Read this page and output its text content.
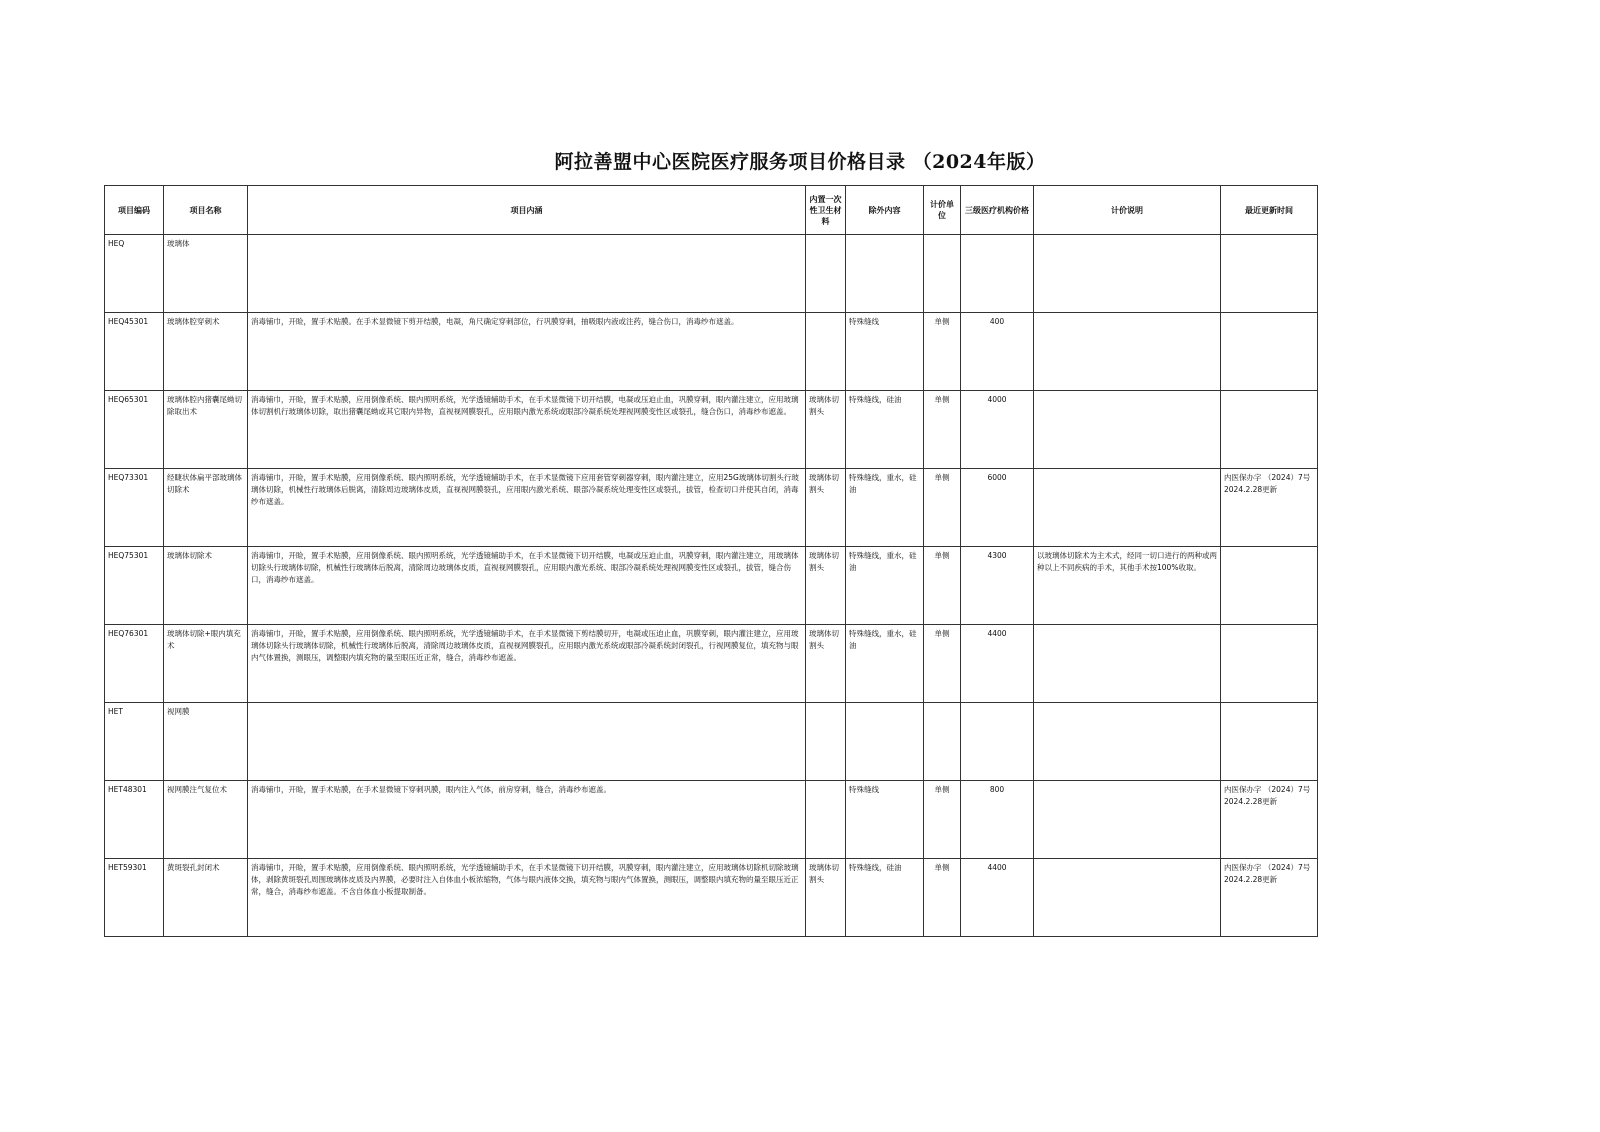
阿拉善盟中心医院医疗服务项目价格目录 （2024年版）
项目编码	项目名称	项目内涵	内置一次性卫生材料	除外内容	计价单位	三级医疗机构价格	计价说明	最近更新时间
HEQ	玻璃体							
HEQ45301	玻璃体腔穿刺术	消毒铺巾，开睑，置手术贴膜。在手术显微镜下剪开结膜，电凝，角尺确定穿刺部位，行巩膜穿刺，抽吸眼内液或注药，缝合伤口，消毒纱布遮盖。		特殊缝线	单侧	400		
HEQ65301	玻璃体腔内猪囊尾蚴切除取出术	消毒铺巾，开睑，置手术贴膜，应用倒像系统、眼内照明系统，光学透镜辅助手术，在手术显微镜下切开结膜，电凝或压迫止血，巩膜穿刺，眼内灌注建立，应用玻璃体切割机行玻璃体切除，取出猪囊尾蚴或其它眼内异物，直视视网膜裂孔，应用眼内激光系统或眼部冷凝系统处理视网膜变性区或裂孔，缝合伤口，消毒纱布遮盖。	玻璃体切割头	特殊缝线，硅油	单侧	4000		
HEQ73301	经睫状体扁平部玻璃体切除术	消毒铺巾，开睑，置手术贴膜，应用倒像系统、眼内照明系统，光学透镜辅助手术，在手术显微镜下应用套管穿刺器穿刺，眼内灌注建立，应用25G玻璃体切割头行玻璃体切除，机械性行玻璃体后脱离，清除周边玻璃体皮质，直视视网膜裂孔，应用眼内激光系统、眼部冷凝系统处理变性区或裂孔，拔管，检查切口并使其自闭，消毒纱布遮盖。	玻璃体切割头	特殊缝线，重水，硅油	单侧	6000		内医保办字 （2024）7号 2024.2.28更新
HEQ75301	玻璃体切除术	消毒铺巾，开睑，置手术贴膜，应用倒像系统、眼内照明系统，光学透镜辅助手术，在手术显微镜下切开结膜，电凝或压迫止血，巩膜穿刺，眼内灌注建立，用玻璃体切除头行玻璃体切除，机械性行玻璃体后脱离，清除周边玻璃体皮质，直视视网膜裂孔，应用眼内激光系统、眼部冷凝系统处理视网膜变性区或裂孔，拔管，缝合伤口，消毒纱布遮盖。	玻璃体切割头	特殊缝线，重水，硅油	单侧	4300	以玻璃体切除术为主术式，经同一切口进行的两种或两种以上不同疾病的手术，其他手术按100%收取。	
HEQ76301	玻璃体切除+眼内填充术	消毒铺巾，开睑，置手术贴膜，应用倒像系统、眼内照明系统，光学透镜辅助手术，在手术显微镜下剪结膜切开，电凝或压迫止血，巩膜穿刺，眼内灌注建立，应用玻璃体切除头行玻璃体切除，机械性行玻璃体后脱离，清除周边玻璃体皮质，直视视网膜裂孔，应用眼内激光系统或眼部冷凝系统封闭裂孔，行视网膜复位，填充物与眼内气体置换，测眼压，调整眼内填充物的量至眼压近正常，缝合，消毒纱布遮盖。	玻璃体切割头	特殊缝线，重水，硅油	单侧	4400		
HET	视网膜							
HET48301	视网膜注气复位术	消毒铺巾，开睑，置手术贴膜，在手术显微镜下穿刺巩膜，眼内注入气体，前房穿刺，缝合，消毒纱布遮盖。		特殊缝线	单侧	800		内医保办字 （2024）7号 2024.2.28更新
HET59301	黄斑裂孔封闭术	消毒铺巾，开睑，置手术贴膜，应用倒像系统、眼内照明系统，光学透镜辅助手术，在手术显微镜下切开结膜，巩膜穿刺，眼内灌注建立，应用玻璃体切除机切除玻璃体，剥除黄斑裂孔周围玻璃体皮质及内界膜，必要时注入自体血小板浓缩物，气体与眼内液体交换，填充物与眼内气体置换，测眼压，调整眼内填充物的量至眼压近正常，缝合，消毒纱布遮盖。不含自体血小板提取制备。	玻璃体切割头	特殊缝线，硅油	单侧	4400		内医保办字 （2024）7号 2024.2.28更新
